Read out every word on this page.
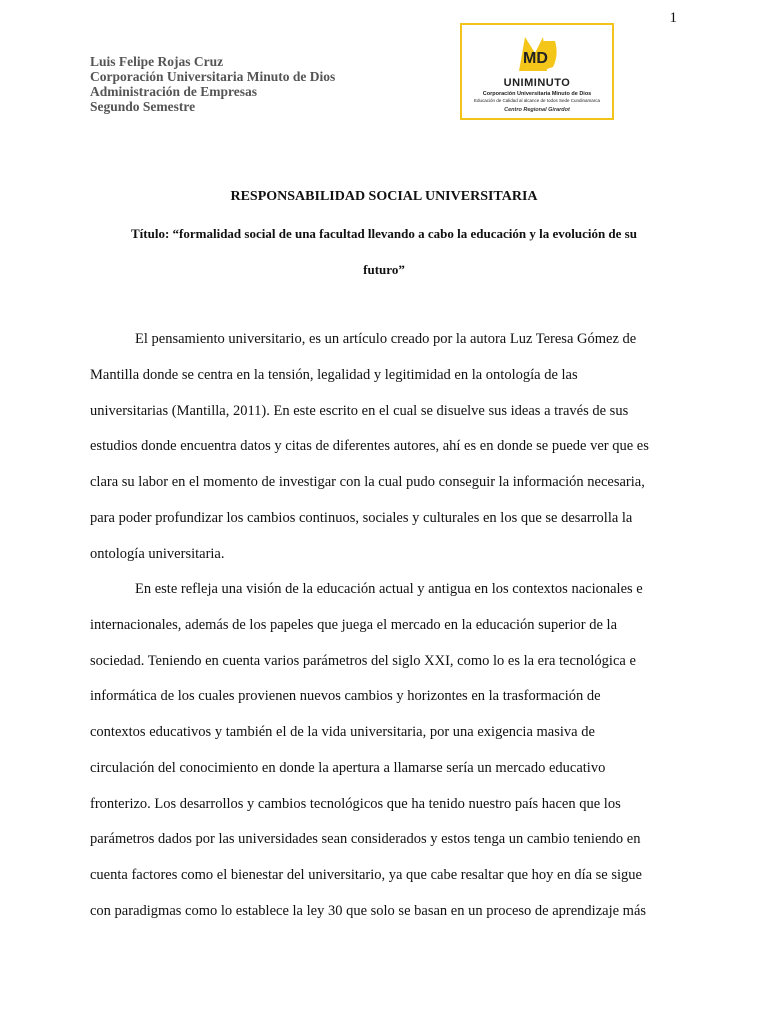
1
Luis Felipe Rojas Cruz
Corporación Universitaria Minuto de Dios
Administración de Empresas
Segundo Semestre
MD
UNIMINUTO
Corporación Universitaria Minuto de Dios
Educación de Calidad al alcance de todos Sede Cundinamarca
Centro Regional Girardot
RESPONSABILIDAD SOCIAL UNIVERSITARIA
Título: “formalidad social de una facultad llevando a cabo la educación y la evolución de su
futuro”
El pensamiento universitario, es un artículo creado por la autora Luz Teresa Gómez de
Mantilla donde se centra en la tensión, legalidad y legitimidad en la ontología de las
universitarias (Mantilla, 2011). En este escrito en el cual se disuelve sus ideas a través de sus
estudios donde encuentra datos y citas de diferentes autores, ahí es en donde se puede ver que es
clara su labor en el momento de investigar con la cual pudo conseguir la información necesaria,
para poder profundizar los cambios continuos, sociales y culturales en los que se desarrolla la
ontología universitaria.
En este refleja una visión de la educación actual y antigua en los contextos nacionales e
internacionales, además de los papeles que juega el mercado en la educación superior de la
sociedad. Teniendo en cuenta varios parámetros del siglo XXI, como lo es la era tecnológica e
informática de los cuales provienen nuevos cambios y horizontes en la trasformación de
contextos educativos y también el de la vida universitaria, por una exigencia masiva de
circulación del conocimiento en donde la apertura a llamarse sería un mercado educativo
fronterizo. Los desarrollos y cambios tecnológicos que ha tenido nuestro país hacen que los
parámetros dados por las universidades sean considerados y estos tenga un cambio teniendo en
cuenta factores como el bienestar del universitario, ya que cabe resaltar que hoy en día se sigue
con paradigmas como lo establece la ley 30 que solo se basan en un proceso de aprendizaje más
